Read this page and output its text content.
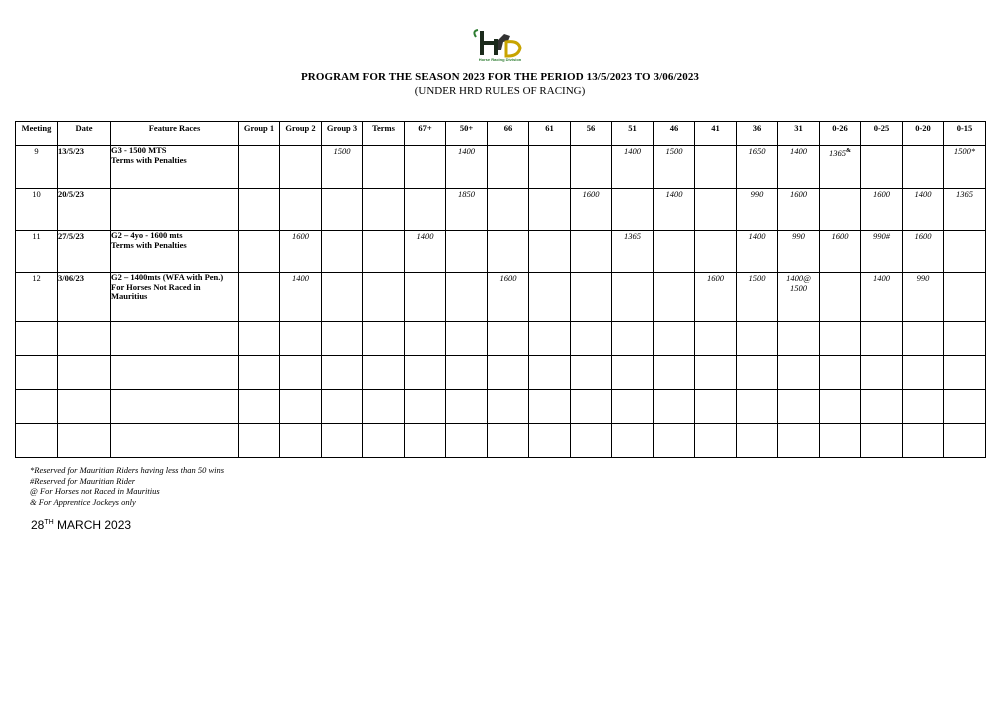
Horse Racing Division
PROGRAM FOR THE SEASON 2023 FOR THE PERIOD 13/5/2023 TO 3/06/2023
(UNDER HRD RULES OF RACING)
Meeting	Date	Feature Races	Group 1	Group 2	Group 3	Terms	67+	50+	66	61	56	51	46	41	36	31	0-26	0-25	0-20	0-15
9	13/5/23	G3 - 1500 MTS
Terms with Penalties			1500			1400				1400	1500		1650	1400	1365&			1500*
10	20/5/23							1850			1600		1400		990	1600		1600	1400	1365
11	27/5/23	G2 – 4yo - 1600 mts
Terms with Penalties		1600			1400					1365			1400	990	1600	990#	1600	
12	3/06/23	G2 – 1400mts (WFA with Pen.)
For Horses Not Raced in
Mauritius		1400					1600					1600	1500	1400@ 1500		1400	990	

*Reserved for Mauritian Riders having less than 50 wins
#Reserved for Mauritian Rider
@ For Horses not Raced in Mauritius
& For Apprentice Jockeys only
28TH MARCH 2023
